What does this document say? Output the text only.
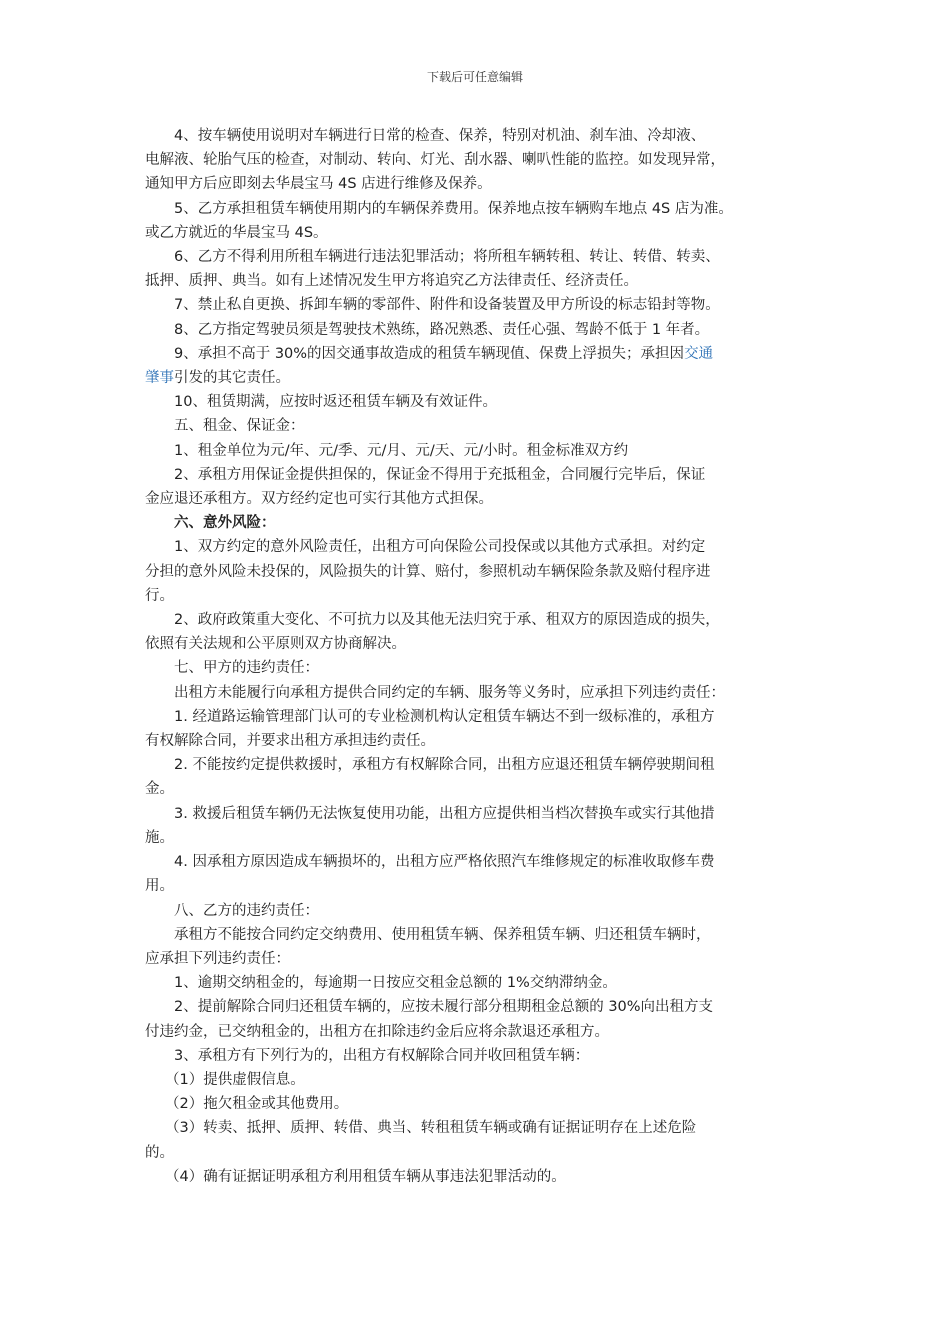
下载后可任意编辑
4、按车辆使用说明对车辆进行日常的检查、保养，特别对机油、刹车油、冷却液、
电解液、轮胎气压的检查，对制动、转向、灯光、刮水器、喇叭性能的监控。如发现异常，
通知甲方后应即刻去华晨宝马 4S 店进行维修及保养。
5、乙方承担租赁车辆使用期内的车辆保养费用。保养地点按车辆购车地点 4S 店为准。
或乙方就近的华晨宝马 4S。
6、乙方不得利用所租车辆进行违法犯罪活动；将所租车辆转租、转让、转借、转卖、
抵押、质押、典当。如有上述情况发生甲方将追究乙方法律责任、经济责任。
7、禁止私自更换、拆卸车辆的零部件、附件和设备装置及甲方所设的标志铅封等物。
8、乙方指定驾驶员须是驾驶技术熟练，路况熟悉、责任心强、驾龄不低于 1 年者。
9、承担不高于 30%的因交通事故造成的租赁车辆现值、保费上浮损失；承担因交通
肇事引发的其它责任。
10、租赁期满，应按时返还租赁车辆及有效证件。
五、租金、保证金：
1、租金单位为元/年、元/季、元/月、元/天、元/小时。租金标准双方约
2、承租方用保证金提供担保的，保证金不得用于充抵租金，合同履行完毕后，保证
金应退还承租方。双方经约定也可实行其他方式担保。
六、意外风险：
1、双方约定的意外风险责任，出租方可向保险公司投保或以其他方式承担。对约定
分担的意外风险未投保的，风险损失的计算、赔付，参照机动车辆保险条款及赔付程序进
行。
2、政府政策重大变化、不可抗力以及其他无法归究于承、租双方的原因造成的损失，
依照有关法规和公平原则双方协商解决。
七、甲方的违约责任：
出租方未能履行向承租方提供合同约定的车辆、服务等义务时，应承担下列违约责任：
1. 经道路运输管理部门认可的专业检测机构认定租赁车辆达不到一级标准的，承租方
有权解除合同，并要求出租方承担违约责任。
2. 不能按约定提供救援时，承租方有权解除合同，出租方应退还租赁车辆停驶期间租
金。
3. 救援后租赁车辆仍无法恢复使用功能，出租方应提供相当档次替换车或实行其他措
施。
4. 因承租方原因造成车辆损坏的，出租方应严格依照汽车维修规定的标准收取修车费
用。
八、乙方的违约责任：
承租方不能按合同约定交纳费用、使用租赁车辆、保养租赁车辆、归还租赁车辆时，
应承担下列违约责任：
1、逾期交纳租金的，每逾期一日按应交租金总额的 1%交纳滞纳金。
2、提前解除合同归还租赁车辆的，应按未履行部分租期租金总额的 30%向出租方支
付违约金，已交纳租金的，出租方在扣除违约金后应将余款退还承租方。
3、承租方有下列行为的，出租方有权解除合同并收回租赁车辆：
（1）提供虚假信息。
（2）拖欠租金或其他费用。
（3）转卖、抵押、质押、转借、典当、转租租赁车辆或确有证据证明存在上述危险
的。
（4）确有证据证明承租方利用租赁车辆从事违法犯罪活动的。
